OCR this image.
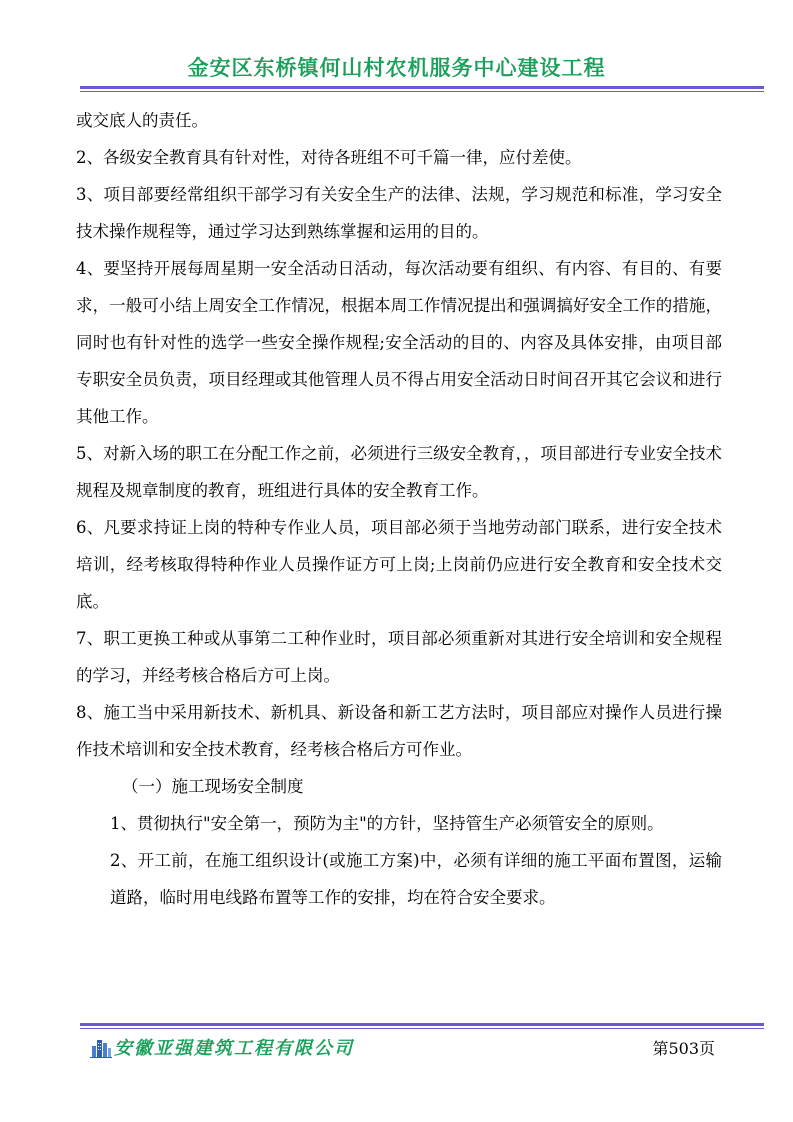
金安区东桥镇何山村农机服务中心建设工程

或交底人的责任。

2、各级安全教育具有针对性，对待各班组不可千篇一律，应付差使。

3、项目部要经常组织干部学习有关安全生产的法律、法规，学习规范和标准，学习安全技术操作规程等，通过学习达到熟练掌握和运用的目的。

4、要坚持开展每周星期一安全活动日活动，每次活动要有组织、有内容、有目的、有要求，一般可小结上周安全工作情况，根据本周工作情况提出和强调搞好安全工作的措施，同时也有针对性的选学一些安全操作规程;安全活动的目的、内容及具体安排，由项目部专职安全员负责，项目经理或其他管理人员不得占用安全活动日时间召开其它会议和进行其他工作。

5、对新入场的职工在分配工作之前，必须进行三级安全教育，，项目部进行专业安全技术规程及规章制度的教育，班组进行具体的安全教育工作。

6、凡要求持证上岗的特种专作业人员，项目部必须于当地劳动部门联系，进行安全技术培训，经考核取得特种作业人员操作证方可上岗;上岗前仍应进行安全教育和安全技术交底。

7、职工更换工种或从事第二工种作业时，项目部必须重新对其进行安全培训和安全规程的学习，并经考核合格后方可上岗。

8、施工当中采用新技术、新机具、新设备和新工艺方法时，项目部应对操作人员进行操作技术培训和安全技术教育，经考核合格后方可作业。

（一）施工现场安全制度

1、贯彻执行"安全第一，预防为主"的方针，坚持管生产必须管安全的原则。

2、开工前，在施工组织设计(或施工方案)中，必须有详细的施工平面布置图，运输道路，临时用电线路布置等工作的安排，均在符合安全要求。

安徽亚强建筑工程有限公司	第503页
